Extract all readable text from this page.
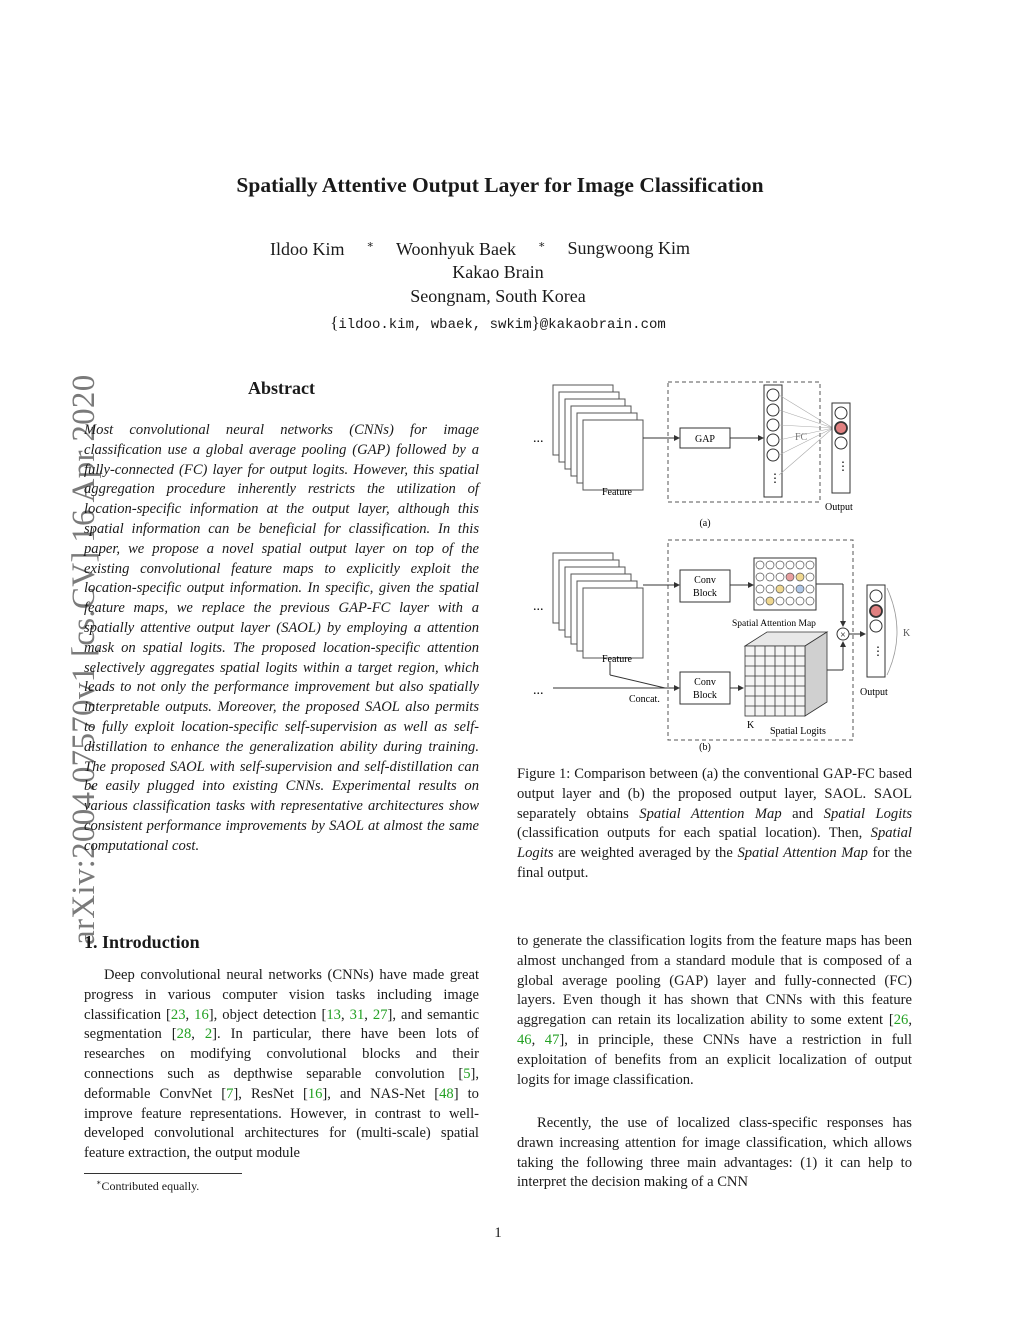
Spatially Attentive Output Layer for Image Classification
Ildoo Kim ∗ Woonhyuk Baek ∗ Sungwoong Kim
Kakao Brain
Seongnam, South Korea
{ildoo.kim, wbaek, swkim}@kakaobrain.com
arXiv:2004.07570v1 [cs.CV] 16 Apr 2020	Abstract
Most convolutional neural networks (CNNs) for image classification use a global average pooling (GAP) followed by a fully-connected (FC) layer for output logits. However, this spatial aggregation procedure inherently restricts the utilization of location-specific information at the output layer, although this spatial information can be beneficial for classification. In this paper, we propose a novel spatial output layer on top of the existing convolutional feature maps to explicitly exploit the location-specific output information. In specific, given the spatial feature maps, we replace the previous GAP-FC layer with a spatially attentive output layer (SAOL) by employing a attention mask on spatial logits. The proposed location-specific attention selectively aggregates spatial logits within a target region, which leads to not only the performance improvement but also spatially interpretable outputs. Moreover, the proposed SAOL also permits to fully exploit location-specific self-supervision as well as self-distillation to enhance the generalization ability during training. The proposed SAOL with self-supervision and self-distillation can be easily plugged into existing CNNs. Experimental results on various classification tasks with representative architectures show consistent performance improvements by SAOL at almost the same computational cost.
1. Introduction
Deep convolutional neural networks (CNNs) have made great progress in various computer vision tasks including image classification [23, 16], object detection [13, 31, 27], and semantic segmentation [28, 2]. In particular, there have been lots of researches on modifying convolutional blocks and their connections such as depthwise separable convolution [5], deformable ConvNet [7], ResNet [16], and NAS-Net [48] to improve feature representations. However, in contrast to well-developed convolutional architectures for (multi-scale) spatial feature extraction, the output module
∗Contributed equally.
...
Feature
GAP
⋮
FC
⋮
Output
(a)
...
Feature
Conv
Block
Spatial Attention Map
...
Concat.
Conv
Block
K
Spatial Logits
×
⋮
K
Output
(b)
Figure 1: Comparison between (a) the conventional GAP-FC based output layer and (b) the proposed output layer, SAOL. SAOL separately obtains Spatial Attention Map and Spatial Logits (classification outputs for each spatial location). Then, Spatial Logits are weighted averaged by the Spatial Attention Map for the final output.
to generate the classification logits from the feature maps has been almost unchanged from a standard module that is composed of a global average pooling (GAP) layer and fully-connected (FC) layers. Even though it has shown that CNNs with this feature aggregation can retain its localization ability to some extent [26, 46, 47], in principle, these CNNs have a restriction in full exploitation of benefits from an explicit localization of output logits for image classification.
Recently, the use of localized class-specific responses has drawn increasing attention for image classification, which allows taking the following three main advantages: (1) it can help to interpret the decision making of a CNN
1
